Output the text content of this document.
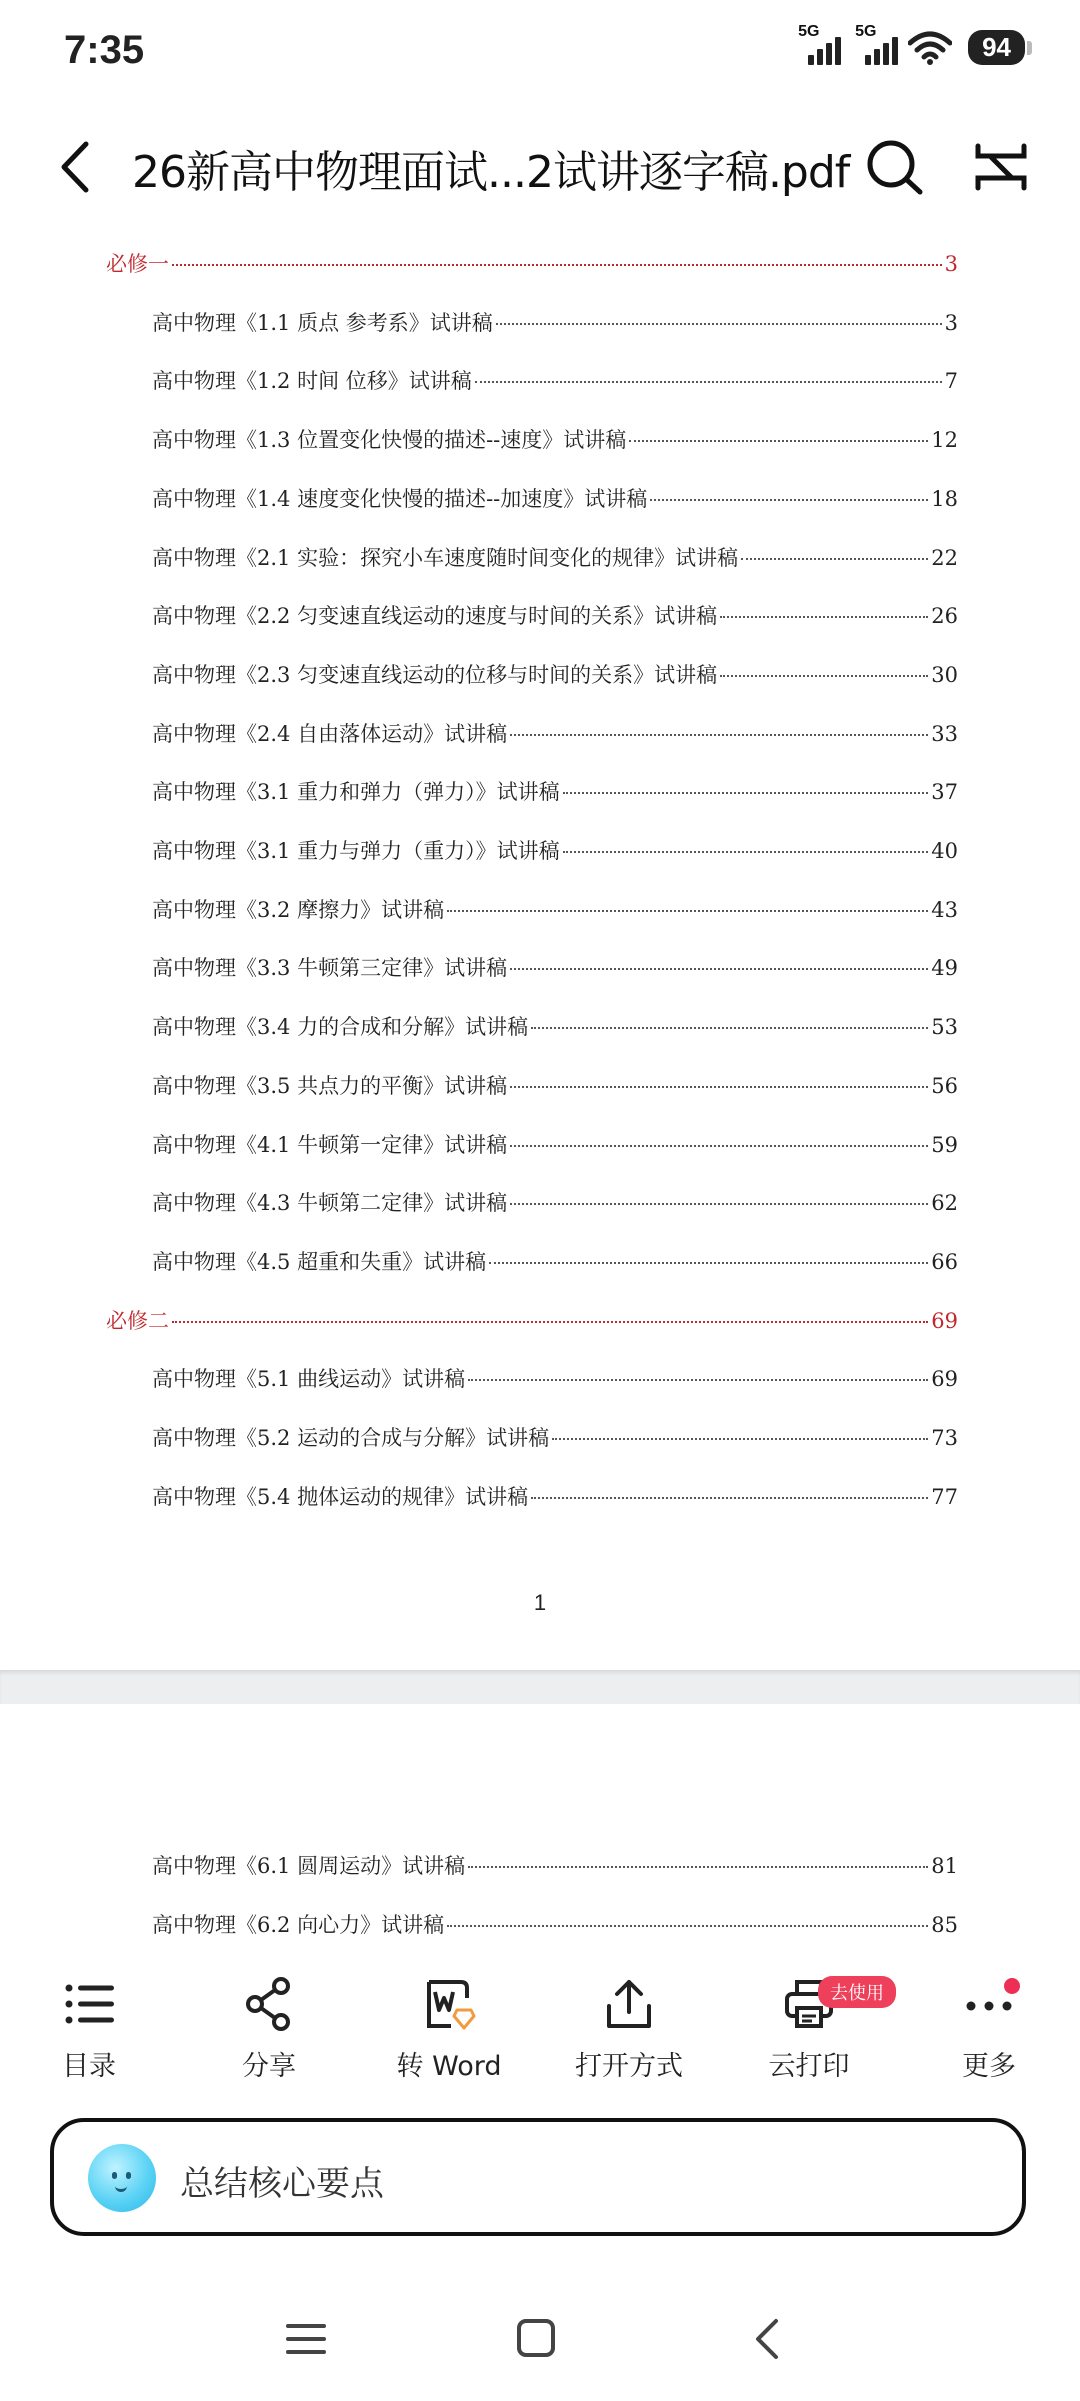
7:35	5G 5G
94
26新高中物理面试...2试讲逐字稿.pdf
1
必修一	3
高中物理《1.1 质点 参考系》试讲稿	3
高中物理《1.2 时间 位移》试讲稿	7
高中物理《1.3 位置变化快慢的描述--速度》试讲稿	12
高中物理《1.4 速度变化快慢的描述--加速度》试讲稿	18
高中物理《2.1 实验：探究小车速度随时间变化的规律》试讲稿	22
高中物理《2.2 匀变速直线运动的速度与时间的关系》试讲稿	26
高中物理《2.3 匀变速直线运动的位移与时间的关系》试讲稿	30
高中物理《2.4 自由落体运动》试讲稿	33
高中物理《3.1 重力和弹力（弹力）》试讲稿	37
高中物理《3.1 重力与弹力（重力）》试讲稿	40
高中物理《3.2 摩擦力》试讲稿	43
高中物理《3.3 牛顿第三定律》试讲稿	49
高中物理《3.4 力的合成和分解》试讲稿	53
高中物理《3.5 共点力的平衡》试讲稿	56
高中物理《4.1 牛顿第一定律》试讲稿	59
高中物理《4.3 牛顿第二定律》试讲稿	62
高中物理《4.5 超重和失重》试讲稿	66
必修二	69
高中物理《5.1 曲线运动》试讲稿	69
高中物理《5.2 运动的合成与分解》试讲稿	73
高中物理《5.4 抛体运动的规律》试讲稿	77
高中物理《6.1 圆周运动》试讲稿	81
高中物理《6.2 向心力》试讲稿	85
目录	分享	转 Word	打开方式	云打印
去使用
更多
总结核心要点
